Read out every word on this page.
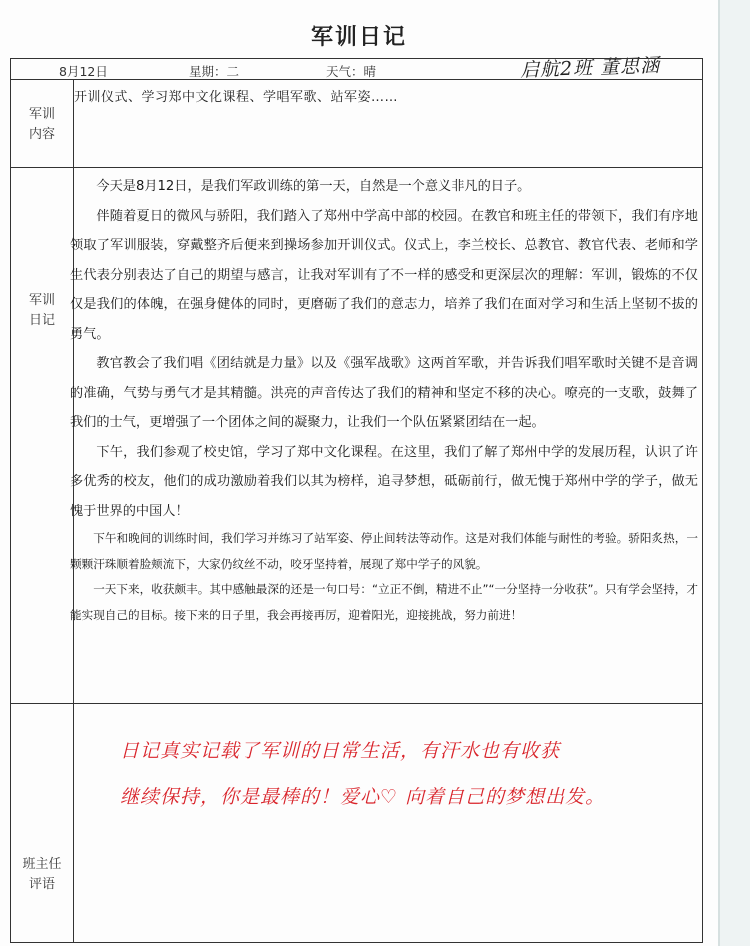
军训日记
启航2班 董思涵
8月12日	星期：二	天气：晴
军训
内容
军训
日记
班主任
评语
开训仪式、学习郑中文化课程、学唱军歌、站军姿……

今天是8月12日，是我们军政训练的第一天，自然是一个意义非凡的日子。

伴随着夏日的微风与骄阳，我们踏入了郑州中学高中部的校园。在教官和班主任的带领下，我们有序地领取了军训服装，穿戴整齐后便来到操场参加开训仪式。仪式上，李兰校长、总教官、教官代表、老师和学生代表分别表达了自己的期望与感言，让我对军训有了不一样的感受和更深层次的理解：军训，锻炼的不仅仅是我们的体魄，在强身健体的同时，更磨砺了我们的意志力，培养了我们在面对学习和生活上坚韧不拔的勇气。

教官教会了我们唱《团结就是力量》以及《强军战歌》这两首军歌，并告诉我们唱军歌时关键不是音调的准确，气势与勇气才是其精髓。洪亮的声音传达了我们的精神和坚定不移的决心。嘹亮的一支歌，鼓舞了我们的士气，更增强了一个团体之间的凝聚力，让我们一个队伍紧紧团结在一起。

下午，我们参观了校史馆，学习了郑中文化课程。在这里，我们了解了郑州中学的发展历程，认识了许多优秀的校友，他们的成功激励着我们以其为榜样，追寻梦想，砥砺前行，做无愧于郑州中学的学子，做无愧于世界的中国人！

下午和晚间的训练时间，我们学习并练习了站军姿、停止间转法等动作。这是对我们体能与耐性的考验。骄阳炙热，一颗颗汗珠顺着脸颊流下，大家仍纹丝不动，咬牙坚持着，展现了郑中学子的风貌。

一天下来，收获颇丰。其中感触最深的还是一句口号：“立正不倒，精进不止”“一分坚持一分收获”。只有学会坚持，才能实现自己的目标。接下来的日子里，我会再接再厉，迎着阳光，迎接挑战，努力前进！

日记真实记载了军训的日常生活，有汗水也有收获
继续保持，你是最棒的！爱心♡ 向着自己的梦想出发。
